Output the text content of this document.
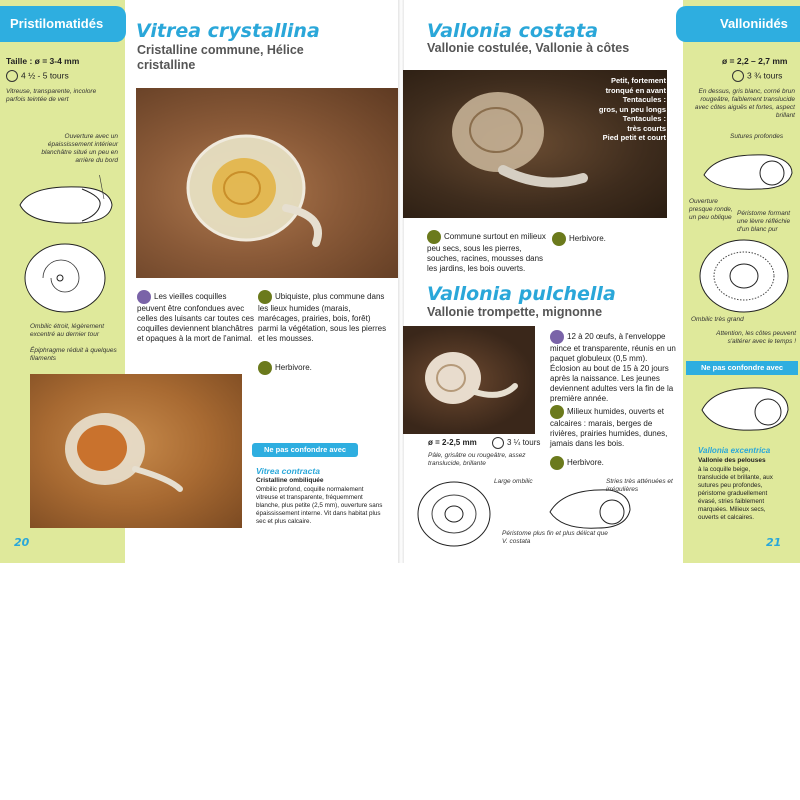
Pristilomatidés
Taille : ø = 3-4 mm
4 ½ - 5 tours
Vitreuse, transparente, incolore parfois teintée de vert
Ouverture avec un épaississement intérieur blanchâtre situé un peu en arrière du bord
Ombilic étroit, légèrement excentré au dernier tour
Épiphragme réduit à quelques filaments
Vitrea crystallina
Cristalline commune, Hélice cristalline
Les vieilles coquilles peuvent être confondues avec celles des luisants car toutes ces coquilles deviennent blanchâtres et opaques à la mort de l'animal.
Ubiquiste, plus commune dans les lieux humides (marais, marécages, prairies, bois, forêt) parmi la végétation, sous les pierres et les mousses.
Herbivore.
Ne pas confondre avec
Vitrea contracta
Cristalline ombiliquée
Ombilic profond, coquille normalement vitreuse et transparente, fréquemment blanche, plus petite (2,5 mm), ouverture sans épaississement interne. Vit dans habitat plus sec et plus calcaire.
20
Valloniidés
ø = 2,2 – 2,7 mm
3 ¾ tours
En dessus, gris blanc, corné brun rougeâtre, faiblement translucide avec côtes aiguës et fortes, aspect brillant
Sutures profondes
Ouverture presque ronde, un peu oblique
Péristome formant une lèvre réfléchie d'un blanc pur
Ombilic très grand
Attention, les côtes peuvent s'altérer avec le temps !
Ne pas confondre avec
Vallonia excentrica
Vallonie des pelouses
à la coquille beige, translucide et brillante, aux sutures peu profondes, péristome graduellement évasé, stries faiblement marquées. Milieux secs, ouverts et calcaires.
21
Vallonia costata
Vallonie costulée, Vallonie à côtes
Petit, fortement
tronqué en avant
Tentacules :
gros, un peu longs
Tentacules :
très courts
Pied petit et court
Commune surtout en milieux peu secs, sous les pierres, souches, racines, mousses dans les jardins, les bois ouverts.
Herbivore.
Vallonia pulchella
Vallonie trompette, mignonne
ø = 2-2,5 mm	3 ¼ tours
Pâle, grisâtre ou rougeâtre, assez translucide, brillante
12 à 20 œufs, à l'enveloppe mince et transparente, réunis en un paquet globuleux (0,5 mm). Éclosion au bout de 15 à 20 jours après la naissance. Les jeunes deviennent adultes vers la fin de la première année.
Milieux humides, ouverts et calcaires : marais, berges de rivières, prairies humides, dunes, jamais dans les bois.
Herbivore.
Large ombilic	Stries très atténuées et irrégulières
Péristome plus fin et plus délicat que V. costata
